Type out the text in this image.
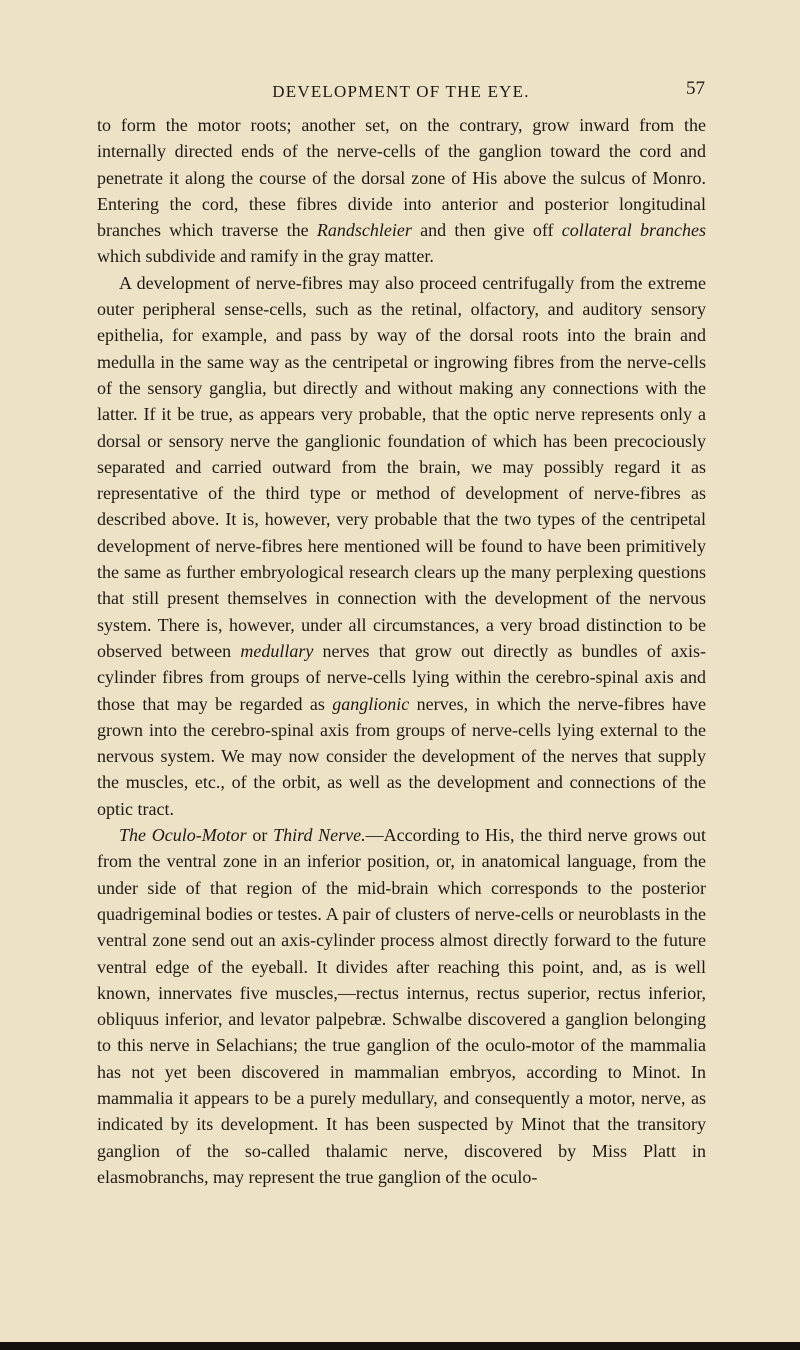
DEVELOPMENT OF THE EYE.	57

to form the motor roots; another set, on the contrary, grow inward from the internally directed ends of the nerve-cells of the ganglion toward the cord and penetrate it along the course of the dorsal zone of His above the sulcus of Monro. Entering the cord, these fibres divide into anterior and posterior longitudinal branches which traverse the Randschleier and then give off collateral branches which subdivide and ramify in the gray matter.

A development of nerve-fibres may also proceed centrifugally from the extreme outer peripheral sense-cells, such as the retinal, olfactory, and auditory sensory epithelia, for example, and pass by way of the dorsal roots into the brain and medulla in the same way as the centripetal or ingrowing fibres from the nerve-cells of the sensory ganglia, but directly and without making any connections with the latter. If it be true, as appears very probable, that the optic nerve represents only a dorsal or sensory nerve the ganglionic foundation of which has been precociously separated and carried outward from the brain, we may possibly regard it as representative of the third type or method of development of nerve-fibres as described above. It is, however, very probable that the two types of the centripetal development of nerve-fibres here mentioned will be found to have been primitively the same as further embryological research clears up the many perplexing questions that still present themselves in connection with the development of the nervous system. There is, however, under all circumstances, a very broad distinction to be observed between medullary nerves that grow out directly as bundles of axis-cylinder fibres from groups of nerve-cells lying within the cerebro-spinal axis and those that may be regarded as ganglionic nerves, in which the nerve-fibres have grown into the cerebro-spinal axis from groups of nerve-cells lying external to the nervous system. We may now consider the development of the nerves that supply the muscles, etc., of the orbit, as well as the development and connections of the optic tract.

The Oculo-Motor or Third Nerve.—According to His, the third nerve grows out from the ventral zone in an inferior position, or, in anatomical language, from the under side of that region of the mid-brain which corresponds to the posterior quadrigeminal bodies or testes. A pair of clusters of nerve-cells or neuroblasts in the ventral zone send out an axis-cylinder process almost directly forward to the future ventral edge of the eyeball. It divides after reaching this point, and, as is well known, innervates five muscles,—rectus internus, rectus superior, rectus inferior, obliquus inferior, and levator palpebræ. Schwalbe discovered a ganglion belonging to this nerve in Selachians; the true ganglion of the oculo-motor of the mammalia has not yet been discovered in mammalian embryos, according to Minot. In mammalia it appears to be a purely medullary, and consequently a motor, nerve, as indicated by its development. It has been suspected by Minot that the transitory ganglion of the so-called thalamic nerve, discovered by Miss Platt in elasmobranchs, may represent the true ganglion of the oculo-
